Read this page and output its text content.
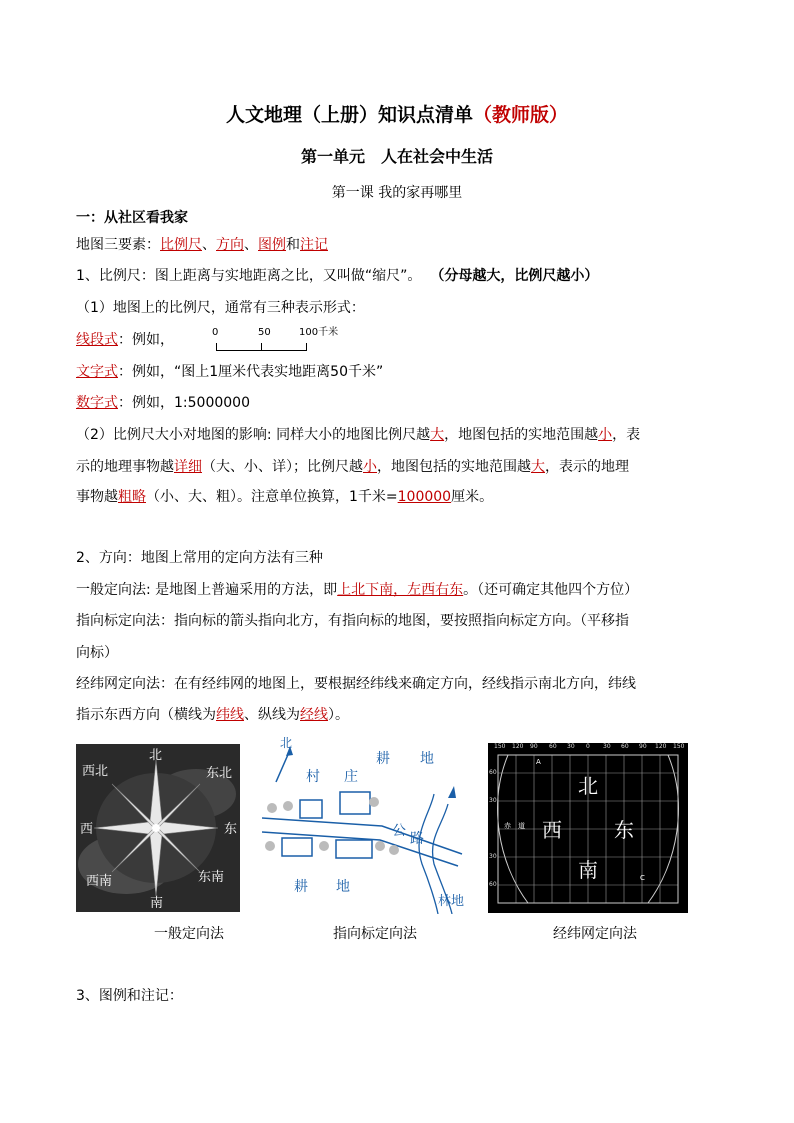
人文地理（上册）知识点清单（教师版）
第一单元　人在社会中生活
第一课 我的家再哪里
一：从社区看我家
地图三要素：比例尺、方向、图例和注记
1、比例尺：图上距离与实地距离之比，又叫做“缩尺”。 （分母越大，比例尺越小）
（1）地图上的比例尺，通常有三种表示形式：
线段式：例如，	0	50	100千米
文字式：例如，“图上1厘米代表实地距离50千米”
数字式：例如，1:5000000
（2）比例尺大小对地图的影响: 同样大小的地图比例尺越大，地图包括的实地范围越小，表
示的地理事物越详细（大、小、详）；比例尺越小，地图包括的实地范围越大，表示的地理
事物越粗略（小、大、粗）。注意单位换算，1千米=100000厘米。
2、方向：地图上常用的定向方法有三种
一般定向法: 是地图上普遍采用的方法，即上北下南，左西右东。（还可确定其他四个方位）
指向标定向法：指向标的箭头指向北方，有指向标的地图，要按照指向标定方向。（平移指
向标）
经纬网定向法：在有经纬网的地图上，要根据经纬线来确定方向，经线指示南北方向，纬线
指示东西方向（横线为纬线、纵线为经线）。
北
东北
西北
西	东
西南	东南
南
一般定向法
北
耕 地
村 庄
公 路
耕 地
林地
指向标定向法
150 120 90 60 30 0 30 60 90 120 150
60
30
30
60
北
西	东
南
A
C
赤 道
经纬网定向法
3、图例和注记：
